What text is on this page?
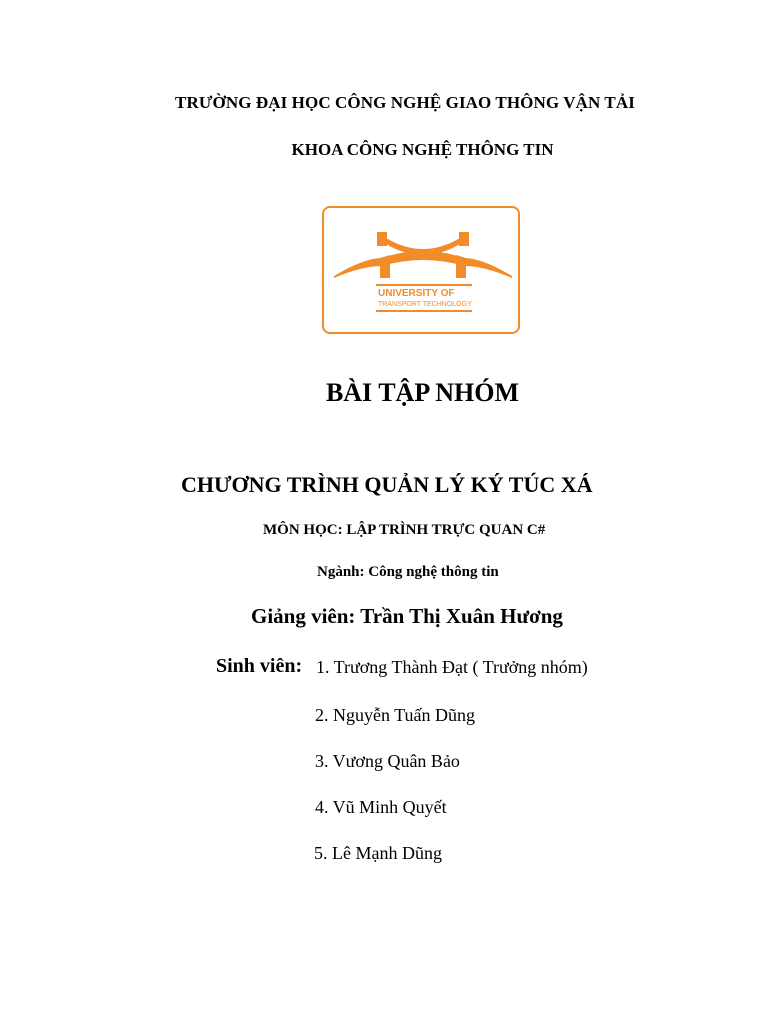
TRƯỜNG ĐẠI HỌC CÔNG NGHỆ GIAO THÔNG VẬN TẢI
KHOA CÔNG NGHỆ THÔNG TIN
UNIVERSITY OF
TRANSPORT TECHNOLOGY
BÀI TẬP NHÓM
CHƯƠNG TRÌNH QUẢN LÝ KÝ TÚC XÁ
MÔN HỌC: LẬP TRÌNH TRỰC QUAN C#
Ngành: Công nghệ thông tin
Giảng viên: Trần Thị Xuân Hương
Sinh viên: 1. Trương Thành Đạt ( Trưởng nhóm)
2. Nguyễn Tuấn Dũng
3. Vương Quân Bảo
4. Vũ Minh Quyết
5. Lê Mạnh Dũng
